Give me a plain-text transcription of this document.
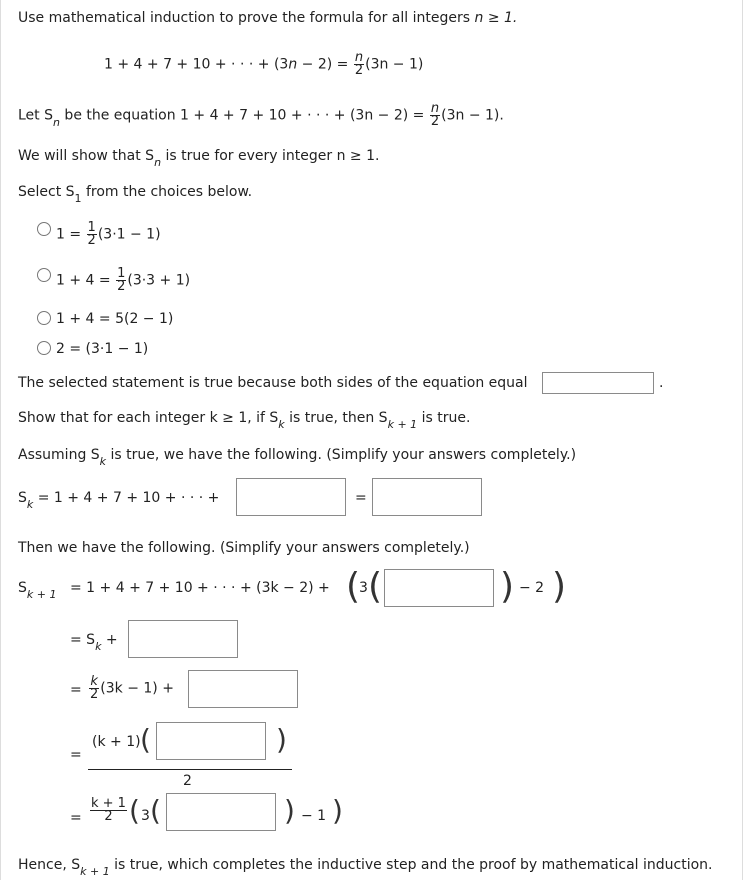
Use mathematical induction to prove the formula for all integers n ≥ 1.
1 + 4 + 7 + 10 + · · · + $(3n - 2) = \frac{n}{2} (3n - 1)$
Let $S_n$ be the equation 1 + 4 + 7 + 10 + · · · + $(3n - 2) = \frac{n}{2} (3n - 1)$.
We will show that $S_n$ is true for every integer n ≥ 1.
Select $S_1$ from the choices below.
$1 = \frac{1}{2} (3\cdot 1 - 1)$
$1 + 4 = \frac{1}{2} (3\cdot 3 + 1)$
1 + 4 = 5(2 − 1)
2 = (3·1 − 1)
The selected statement is true because both sides of the equation equal	.
Show that for each integer k ≥ 1, if $S_k$ is true, then $S_{k + 1}$ is true.
Assuming $S_k$ is true, we have the following. (Simplify your answers completely.)
$S_k = 1 + 4 + 7 + 10$ + · · · +	=
Then we have the following. (Simplify your answers completely.)
$S_{k + 1} = 1 + 4 + 7 + 10$ + · · · + (3k − 2) + (
3 (	) − 2 )
= $S_k$ +
= $\frac{k}{2} (3k - 1)$ +
=
(k + 1) (	)
2
= $\frac{k + 1}{2}$ ( 3 (	) − 1 )
Hence, $S_{k + 1}$ is true, which completes the inductive step and the proof by mathematical induction.
